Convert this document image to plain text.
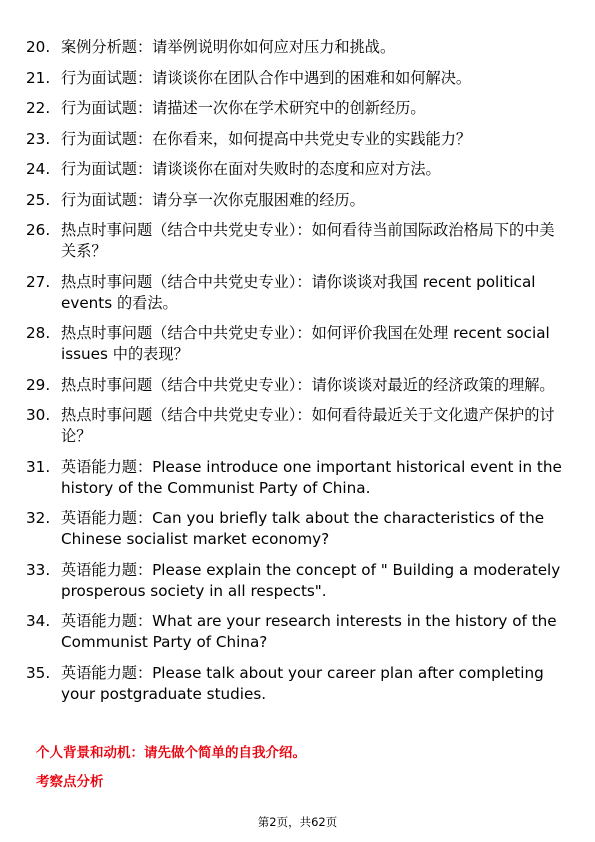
20. 案例分析题：请举例说明你如何应对压力和挑战。
21. 行为面试题：请谈谈你在团队合作中遇到的困难和如何解决。
22. 行为面试题：请描述一次你在学术研究中的创新经历。
23. 行为面试题：在你看来，如何提高中共党史专业的实践能力？
24. 行为面试题：请谈谈你在面对失败时的态度和应对方法。
25. 行为面试题：请分享一次你克服困难的经历。
26. 热点时事问题（结合中共党史专业）：如何看待当前国际政治格局下的中美关系？
27. 热点时事问题（结合中共党史专业）：请你谈谈对我国 recent political events 的看法。
28. 热点时事问题（结合中共党史专业）：如何评价我国在处理 recent social issues 中的表现？
29. 热点时事问题（结合中共党史专业）：请你谈谈对最近的经济政策的理解。
30. 热点时事问题（结合中共党史专业）：如何看待最近关于文化遗产保护的讨论？
31. 英语能力题：Please introduce one important historical event in the history of the Communist Party of China.
32. 英语能力题：Can you briefly talk about the characteristics of the Chinese socialist market economy?
33. 英语能力题：Please explain the concept of " Building a moderately prosperous society in all respects".
34. 英语能力题：What are your research interests in the history of the Communist Party of China?
35. 英语能力题：Please talk about your career plan after completing your postgraduate studies.

个人背景和动机：请先做个简单的自我介绍。

考察点分析

第2页，共62页
